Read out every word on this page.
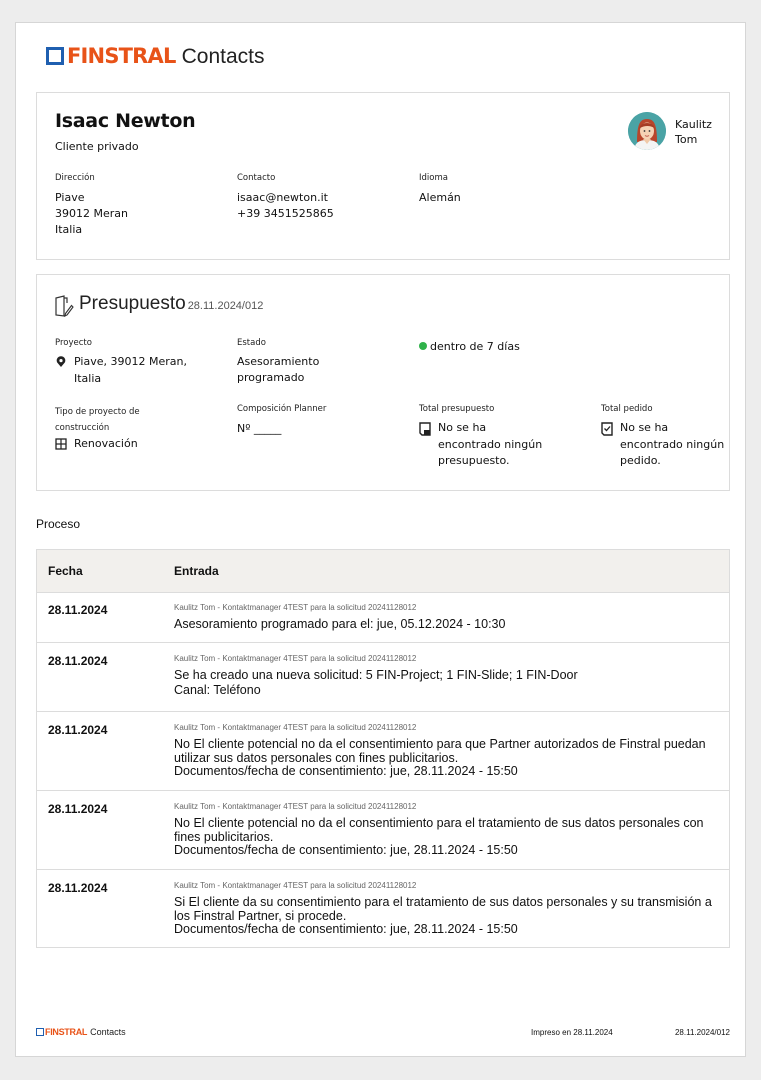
FINSTRAL Contacts
Isaac Newton
Cliente privado
Kaulitz
Tom
Dirección
Piave
39012 Meran
Italia
Contacto
isaac@newton.it
+39 3451525865
Idioma
Alemán
Presupuesto 28.11.2024/012
Proyecto
Piave, 39012 Meran,
Italia
Estado
Asesoramiento
programado
dentro de 7 días
Tipo de proyecto de
construcción
Renovación
Composición Planner
Nº _____
Total presupuesto
No se ha
encontrado ningún
presupuesto.
Total pedido
No se ha
encontrado ningún
pedido.
Proceso
Fecha	Entrada
28.11.2024	Kaulitz Tom - Kontaktmanager 4TEST para la solicitud 20241128012
Asesoramiento programado para el: jue, 05.12.2024 - 10:30
28.11.2024	Kaulitz Tom - Kontaktmanager 4TEST para la solicitud 20241128012
Se ha creado una nueva solicitud: 5 FIN-Project; 1 FIN-Slide; 1 FIN-Door
Canal: Teléfono
28.11.2024	Kaulitz Tom - Kontaktmanager 4TEST para la solicitud 20241128012
No El cliente potencial no da el consentimiento para que Partner autorizados de Finstral puedan
utilizar sus datos personales con fines publicitarios.
Documentos/fecha de consentimiento: jue, 28.11.2024 - 15:50
28.11.2024	Kaulitz Tom - Kontaktmanager 4TEST para la solicitud 20241128012
No El cliente potencial no da el consentimiento para el tratamiento de sus datos personales con
fines publicitarios.
Documentos/fecha de consentimiento: jue, 28.11.2024 - 15:50
28.11.2024	Kaulitz Tom - Kontaktmanager 4TEST para la solicitud 20241128012
Si El cliente da su consentimiento para el tratamiento de sus datos personales y su transmisión a
los Finstral Partner, si procede.
Documentos/fecha de consentimiento: jue, 28.11.2024 - 15:50
FINSTRAL Contacts	Impreso en 28.11.2024	28.11.2024/012
